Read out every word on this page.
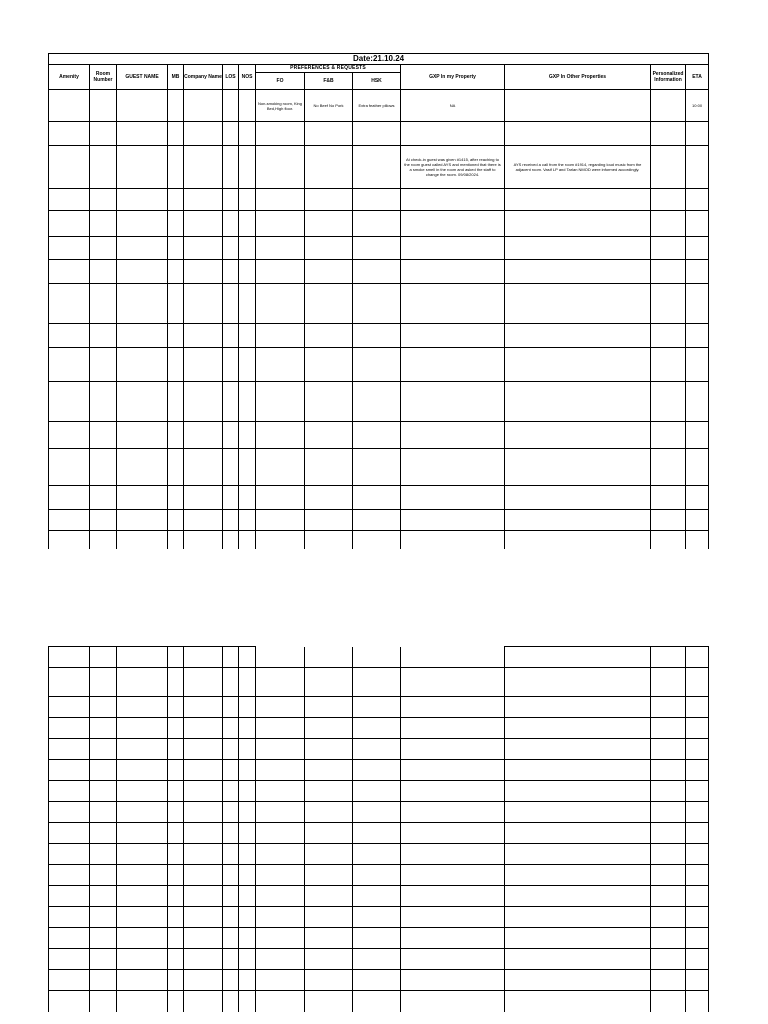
Date:21.10.24													
Amenity	Room Number	GUEST NAME	MB	Company Name	LOS	NOS	PREFERENCES & REQUESTS			GXP In my Property	GXP In Other Properties	Personalized Information	ETA
							FO	F&B	HSK				
							Non-smoking room, King Bed,High floor.	No Beef No Pork	Extra feather pillows	NA			10:00

										At check-in guest was given #1415, after reaching to the room guest called AYS and mentioned that there is a smoke smell in the room and asked the staff to change the room. 09/08/2024.	AYS received a call from the room #1914, regarding loud music from the adjacent room. Vasif LP and Tarlan NMOD were informed accordingly.		
